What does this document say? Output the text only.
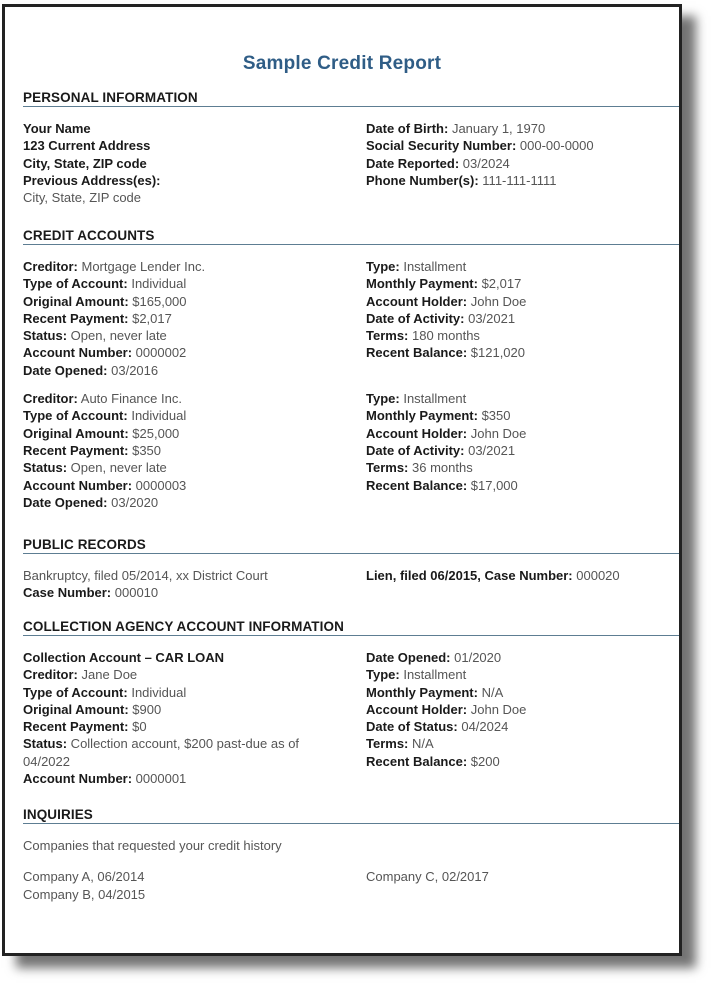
Sample Credit Report
PERSONAL INFORMATION
Your Name
123 Current Address
City, State, ZIP code
Previous Address(es):
City, State, ZIP code
Date of Birth: January 1, 1970
Social Security Number: 000-00-0000
Date Reported: 03/2024
Phone Number(s): 111-111-1111
CREDIT ACCOUNTS
Creditor: Mortgage Lender Inc.
Type of Account: Individual
Original Amount: $165,000
Recent Payment: $2,017
Status: Open, never late
Account Number: 0000002
Date Opened: 03/2016
Type: Installment
Monthly Payment: $2,017
Account Holder: John Doe
Date of Activity: 03/2021
Terms: 180 months
Recent Balance: $121,020
Creditor: Auto Finance Inc.
Type of Account: Individual
Original Amount: $25,000
Recent Payment: $350
Status: Open, never late
Account Number: 0000003
Date Opened: 03/2020
Type: Installment
Monthly Payment: $350
Account Holder: John Doe
Date of Activity: 03/2021
Terms: 36 months
Recent Balance: $17,000
PUBLIC RECORDS
Bankruptcy, filed 05/2014, xx District Court
Case Number: 000010
Lien, filed 06/2015, Case Number: 000020
COLLECTION AGENCY ACCOUNT INFORMATION
Collection Account – CAR LOAN
Creditor: Jane Doe
Type of Account: Individual
Original Amount: $900
Recent Payment: $0
Status: Collection account, $200 past-due as of 04/2022
Account Number: 0000001
Date Opened: 01/2020
Type: Installment
Monthly Payment: N/A
Account Holder: John Doe
Date of Status: 04/2024
Terms: N/A
Recent Balance: $200
INQUIRIES
Companies that requested your credit history
Company A, 06/2014
Company B, 04/2015
Company C, 02/2017
